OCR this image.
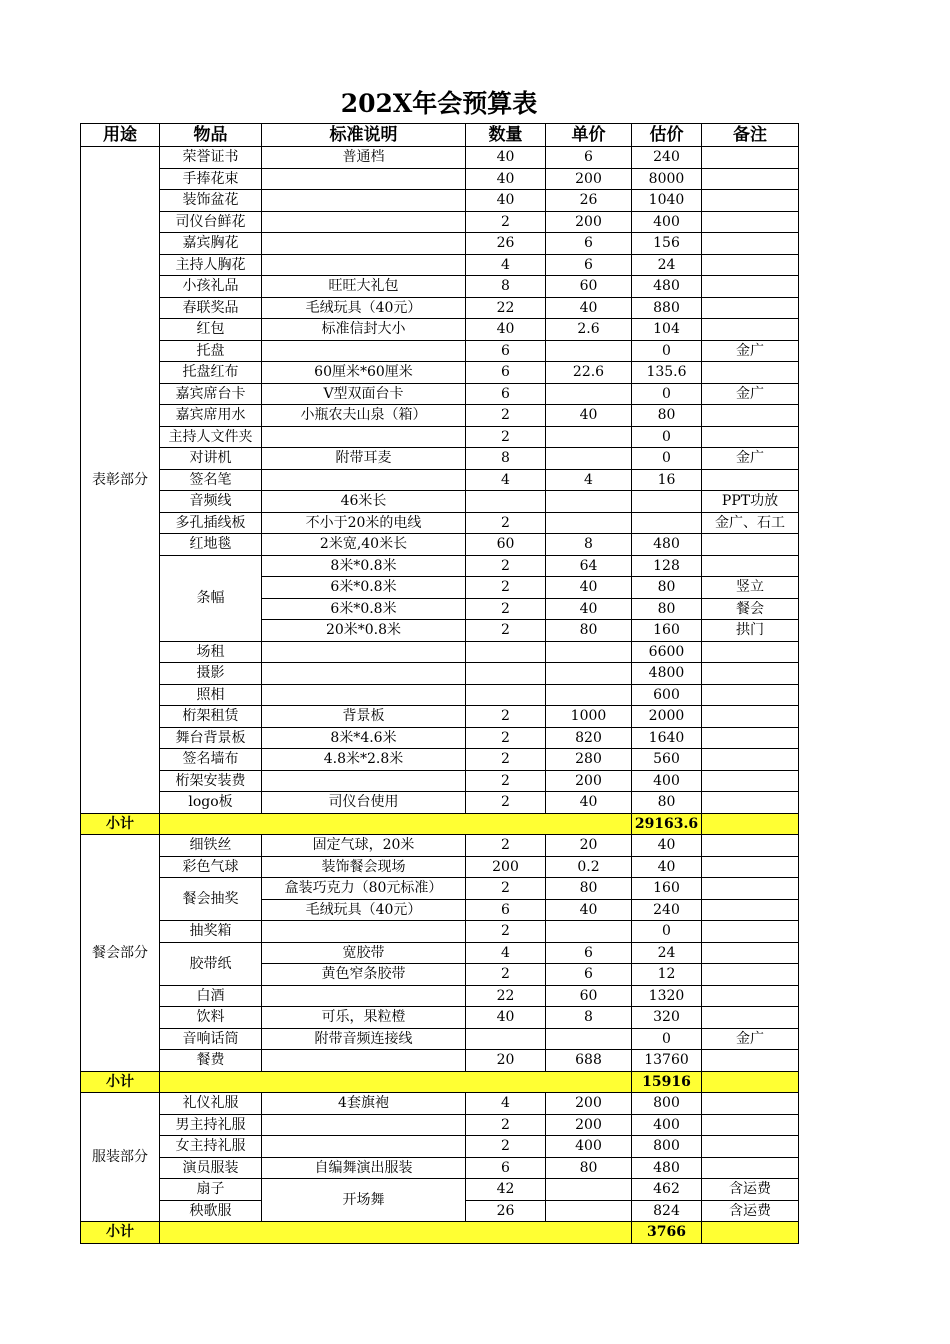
202X年会预算表
用途	物品	标准说明	数量	单价	估价	备注
表彰部分	荣誉证书	普通档	40	6	240	
	手捧花束		40	200	8000	
	装饰盆花		40	26	1040	
	司仪台鲜花		2	200	400	
	嘉宾胸花		26	6	156	
	主持人胸花		4	6	24	
	小孩礼品	旺旺大礼包	8	60	480	
	春联奖品	毛绒玩具（40元）	22	40	880	
	红包	标准信封大小	40	2.6	104	
	托盘		6		0	金广
	托盘红布	60厘米*60厘米	6	22.6	135.6	
	嘉宾席台卡	V型双面台卡	6		0	金广
	嘉宾席用水	小瓶农夫山泉（箱）	2	40	80	
	主持人文件夹		2		0	
	对讲机	附带耳麦	8		0	金广
	签名笔		4	4	16	
	音频线	46米长				PPT功放
	多孔插线板	不小于20米的电线	2			金广、石工
	红地毯	2米宽,40米长	60	8	480	
	条幅	8米*0.8米	2	64	128	
		6米*0.8米	2	40	80	竖立
		6米*0.8米	2	40	80	餐会
		20米*0.8米	2	80	160	拱门
	场租				6600	
	摄影				4800	
	照相				600	
	桁架租赁	背景板	2	1000	2000	
	舞台背景板	8米*4.6米	2	820	1640	
	签名墙布	4.8米*2.8米	2	280	560	
	桁架安装费		2	200	400	
	logo板	司仪台使用	2	40	80	
小计					29163.6	
餐会部分	细铁丝	固定气球，20米	2	20	40	
	彩色气球	装饰餐会现场	200	0.2	40	
	餐会抽奖	盒装巧克力（80元标准）	2	80	160	
		毛绒玩具（40元）	6	40	240	
	抽奖箱		2		0	
	胶带纸	宽胶带	4	6	24	
		黄色窄条胶带	2	6	12	
	白酒		22	60	1320	
	饮料	可乐，果粒橙	40	8	320	
	音响话筒	附带音频连接线			0	金广
	餐费		20	688	13760	
小计					15916	
服装部分	礼仪礼服	4套旗袍	4	200	800	
	男主持礼服		2	200	400	
	女主持礼服		2	400	800	
	演员服装	自编舞演出服装	6	80	480	
	扇子	开场舞	42		462	含运费
	秧歌服		26		824	含运费
小计					3766	
